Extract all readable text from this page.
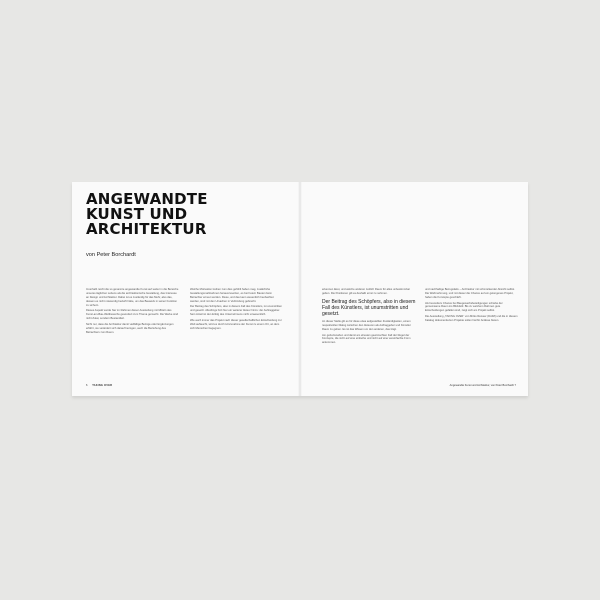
ANGEWANDTE
KUNST UND
ARCHITEKTUR
von Peter Borchardt

Innerhalb reicht die so genannte angewandte Kunst auf weiter in die Bereiche unseres täglichen Lebens als die architektonische Gestaltung, das Interesse an Design und Architektur. Dabei ist es zuständig für das Mehr, also das, dessen es nicht notwendig bedurft hätte, um das Bauwerk in seiner Funktion zu sichern.

Dieses Aspekt wurde hier im Rahmen dieser Ausstellung mit Mitteln des Kunst-am-Bau-Wettbewerbs gesondert zum Thema gemacht. Die Werke sind nicht Zutat, sondern Bestandteil.

Nicht nur, dass die Architektur damit vielfältige Bezüge oder Ergänzungen erfährt, sie verändert sich darauf bezogen, auch die Beziehung des Betrachters zum Raum.

Welche Motivation treiben zum dies gefühlt haben mag, zusätzliche Gestaltungsmaßnahmen herauszusetzen, es bei Feiern Bauten beim Betrachter erneut werden. Diese, und das kann wesentlich beobachtet werden, sind mit den Ursachen in Verbindung gebracht.

Der Beitrag des Schöpfers, also in diesem Fall des Künstlers, ist unumstritten und gesetzt. Allerdings hört hier ein weiterer Akteur hinzu: der Auftraggeber. Sein Anteil ist den Erfolg des Unternehmens nicht unwesentlich.

Wie auch immer das Projekt nach dieser gesellschaftlichen Entscheidung zur Welt auftaucht, wird es durch Hinzunahme der Kunst zu einem Ort, an dem sich Menschen begegnen.

6 TAKING OVER

erkennen lässt, und welche anderen zeitlich Raum für alles unbestimmbar gelten. Die Positionen gilt es deshalb ernst zu nehmen.

Der Beitrag des Schöpfers, also in diesem Fall des Künstlers, ist unumstritten und gesetzt.

An dieser Stelle gilt es für diese etwa aufgestellten Zuständigkeiten, einem respektvollen Dialog zwischen den Akteuren als Auftraggeber und Künstler Raum zu geben. Es ist das Wissen um den anderen, das trägt.

Am geburtsnahen und damit am ehesten gewünschten Fall der Regel der Konzepte, die nicht auf eine einfache und nicht auf eine vereinfachte Form ankommen.

und nachhaltige Bezugstiefe – Architektur mit schmückender Absicht selbst. Die Wahrnehmung, und mit dieser die Chance auf ein gelungenes Projekt, haben die Konzepte geschärft.

Als besonders Chance bei Baugewerbsbeteiligungen schiebe der gemeinsame Raum ins Blickfeld. Bis zu welchem Rahmen gute Entscheidungen gefallen sind, zeigt sich am Projekt selbst.

Die Ausstellung „TAKING OVER“ von Mirko Reisser (DAIM) und die in diesem Katalog dokumentierten Projekte sollen hierfür Anlässe bieten.

Angewandte Kunst und Architektur, von Peter Borchardt 7
